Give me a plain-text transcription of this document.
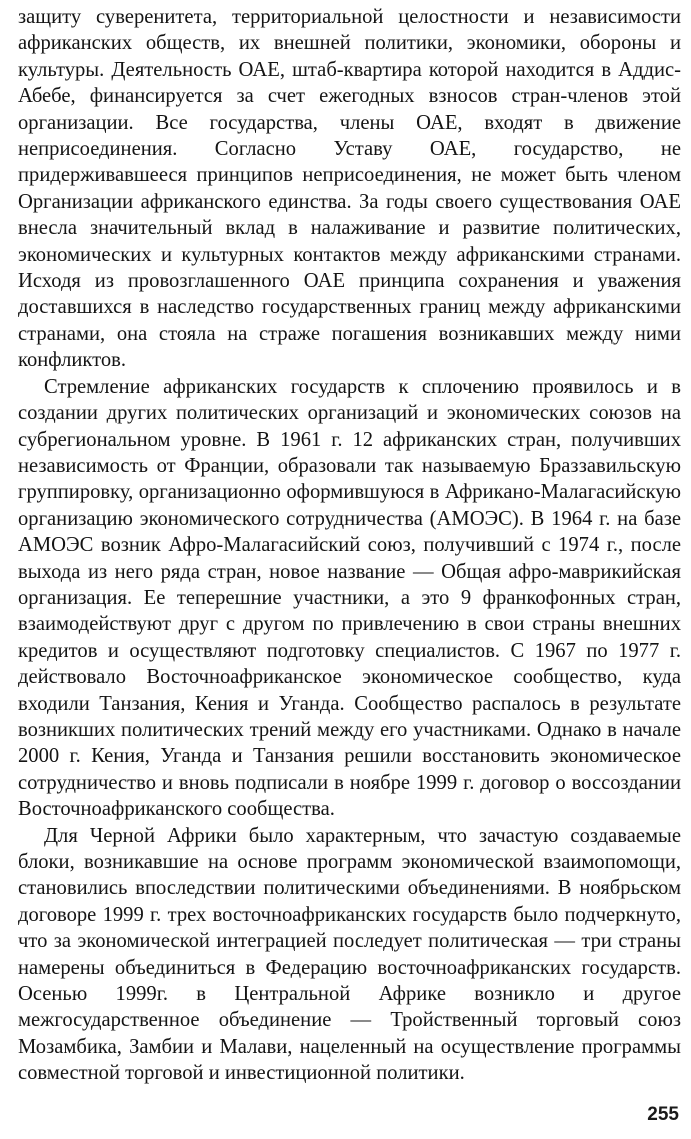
защиту суверенитета, территориальной целостности и независимости африканских обществ, их внешней политики, экономики, обороны и культуры. Деятельность ОАЕ, штаб-квартира которой находится в Аддис-Абебе, финансируется за счет ежегодных взносов стран-членов этой организации. Все государства, члены ОАЕ, входят в движение неприсоединения. Согласно Уставу ОАЕ, государство, не придерживавшееся принципов неприсоединения, не может быть членом Организации африканского единства. За годы своего существования ОАЕ внесла значительный вклад в налаживание и развитие политических, экономических и культурных контактов между африканскими странами. Исходя из провозглашенного ОАЕ принципа сохранения и уважения доставшихся в наследство государственных границ между африканскими странами, она стояла на страже погашения возникавших между ними конфликтов.

Стремление африканских государств к сплочению проявилось и в создании других политических организаций и экономических союзов на субрегиональном уровне. В 1961 г. 12 африканских стран, получивших независимость от Франции, образовали так называемую Браззавильскую группировку, организационно оформившуюся в Африкано-Малагасийскую организацию экономического сотрудничества (АМОЭС). В 1964 г. на базе АМОЭС возник Афро-Малагасийский союз, получивший с 1974 г., после выхода из него ряда стран, новое название — Общая афро-маврикийская организация. Ее теперешние участники, а это 9 франкофонных стран, взаимодействуют друг с другом по привлечению в свои страны внешних кредитов и осуществляют подготовку специалистов. С 1967 по 1977 г. действовало Восточноафриканское экономическое сообщество, куда входили Танзания, Кения и Уганда. Сообщество распалось в результате возникших политических трений между его участниками. Однако в начале 2000 г. Кения, Уганда и Танзания решили восстановить экономическое сотрудничество и вновь подписали в ноябре 1999 г. договор о воссоздании Восточноафриканского сообщества.

Для Черной Африки было характерным, что зачастую создаваемые блоки, возникавшие на основе программ экономической взаимопомощи, становились впоследствии политическими объединениями. В ноябрьском договоре 1999 г. трех восточноафриканских государств было подчеркнуто, что за экономической интеграцией последует политическая — три страны намерены объединиться в Федерацию восточноафриканских государств. Осенью 1999г. в Центральной Африке возникло и другое межгосударственное объединение — Тройственный торговый союз Мозамбика, Замбии и Малави, нацеленный на осуществление программы совместной торговой и инвестиционной политики.

255
